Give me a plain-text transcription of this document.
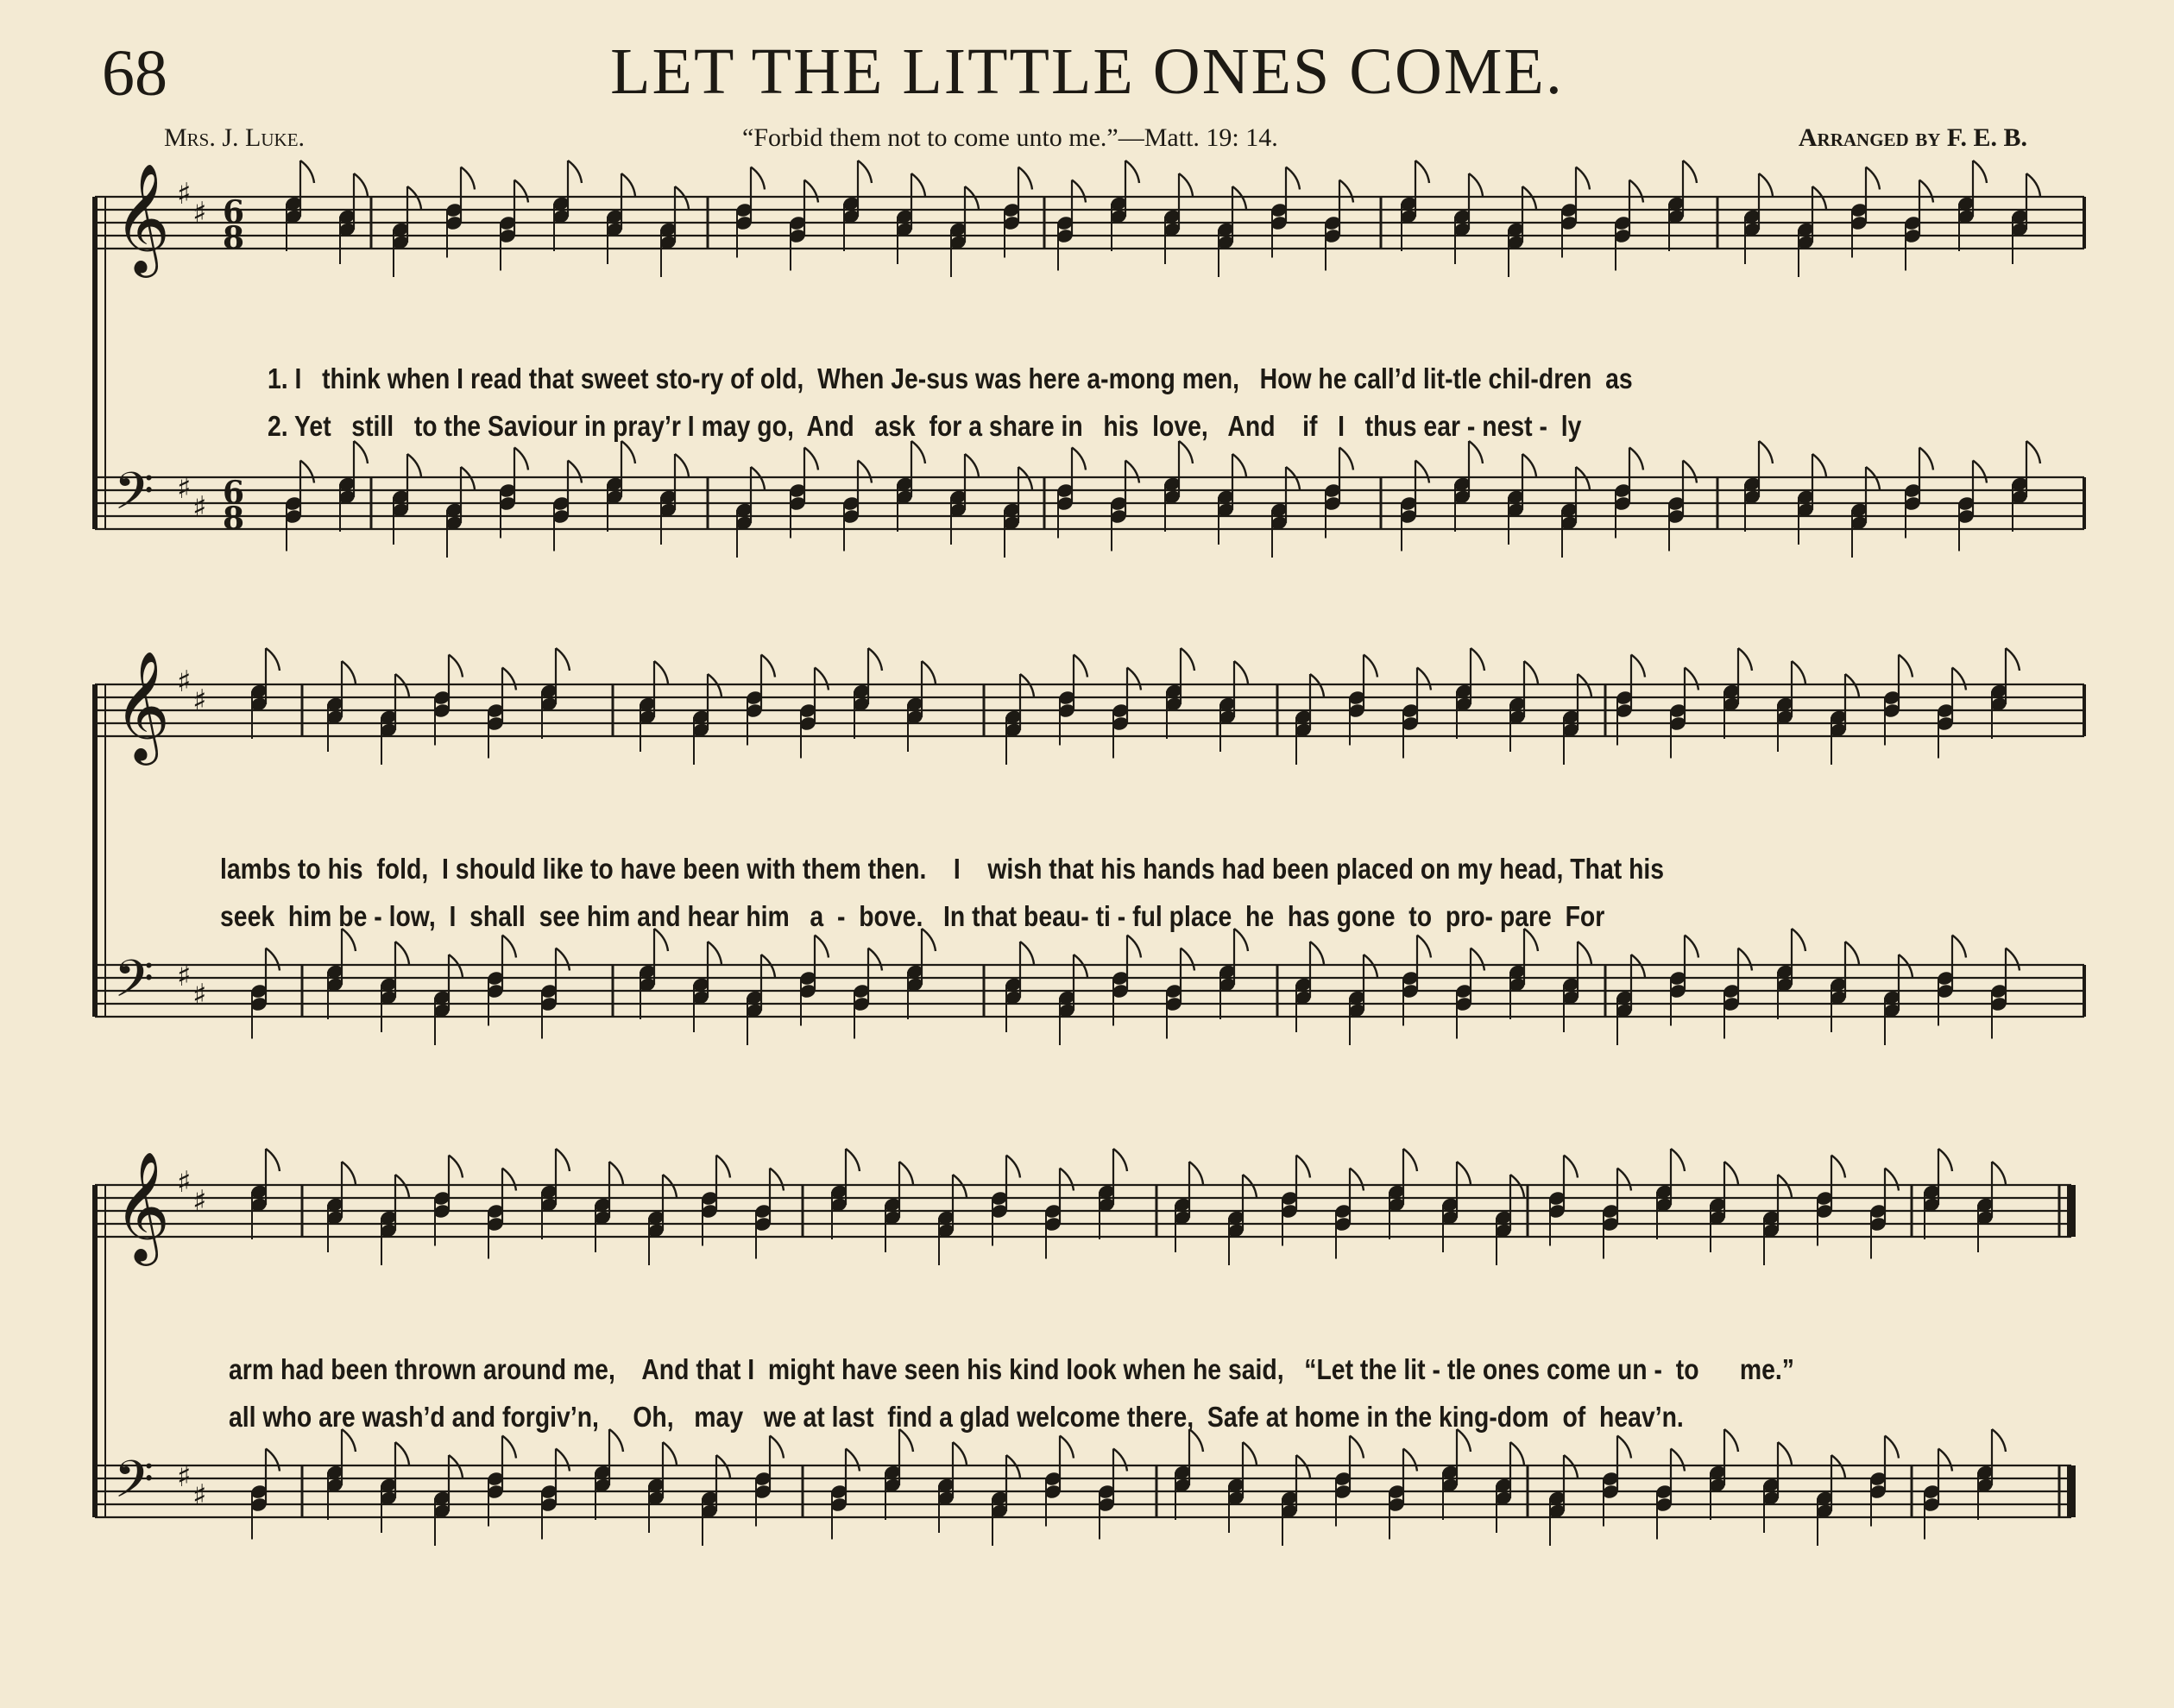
68	LET THE LITTLE ONES COME.
Mrs. J. Luke.	“Forbid them not to come unto me.”—Matt. 19: 14.	Arranged by F. E. B.
𝄞 ♯
♯ 6
8
𝄢 ♯
♯ 6
8
1. I   think when I read that sweet sto-ry of old,  When Je-sus was here a-mong men,   How he call’d lit-tle chil-dren  as
2. Yet   still   to the Saviour in pray’r I may go,  And   ask  for a share in   his  love,   And    if   I   thus ear - nest -  ly
𝄞 ♯
♯
𝄢 ♯
♯
lambs to his  fold,  I should like to have been with them then.    I    wish that his hands had been placed on my head, That his
seek  him be - low,  I  shall  see him and hear him   a  -  bove.   In that beau- ti - ful place  he  has gone  to  pro- pare  For
𝄞 ♯
♯
𝄢 ♯
♯
arm had been thrown around me,    And that I  might have seen his kind look when he said,   “Let the lit - tle ones come un -  to      me.”
all who are wash’d and forgiv’n,     Oh,   may   we at last  find a glad welcome there,  Safe at home in the king-dom  of  heav’n.
